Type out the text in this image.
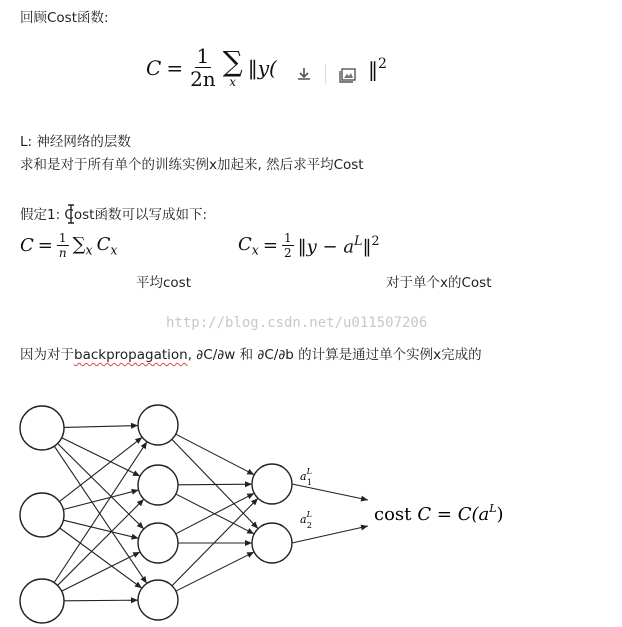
回顾Cost函数:
$C = \frac{1}{2n}$ ∑
x
‖y(	‖$^2$
L: 神经网络的层数
求和是对于所有单个的训练实例x加起来, 然后求平均Cost
假定1: Cost函数可以写成如下:
$C = \frac{1}{n} \sum_x$ $C_x$
平均cost
$C_x = \frac{1}{2}$ ‖y − $a^L‖^2$
对于单个x的Cost
http://blog.csdn.net/u011507206
因为对于backpropagation, ∂C/∂w 和 ∂C/∂b 的计算是通过单个实例x完成的
$a^L$ 1
$a^L$ 2
cost $C = C(a^L)$
